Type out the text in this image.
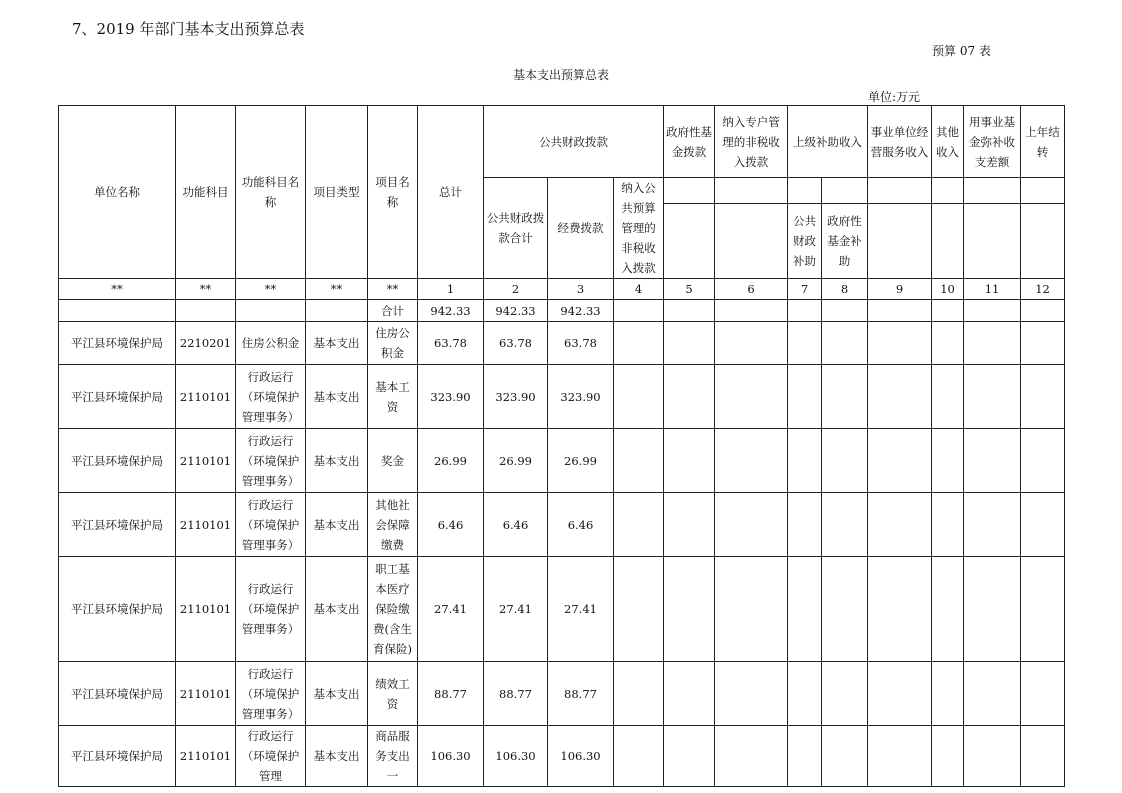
7、2019 年部门基本支出预算总表
预算 07 表
基本支出预算总表
单位:万元
单位名称	功能科目	功能科目名称	项目类型	项目名称	总计	公共财政拨款			政府性基金拨款	纳入专户管理的非税收入拨款	上级补助收入		事业单位经营服务收入	其他收入	用事业基金弥补收支差额	上年结转
						公共财政拨款合计	经费拨款	纳入公共预算管理的非税收入拨款								
											公共财政补助	政府性基金补助				
**	**	**	**	**	1	2	3	4	5	6	7	8	9	10	11	12
				合计	942.33	942.33	942.33									
平江县环境保护局	2210201	住房公积金	基本支出	住房公积金	63.78	63.78	63.78									
平江县环境保护局	2110101	行政运行（环境保护管理事务）	基本支出	基本工资	323.90	323.90	323.90									
平江县环境保护局	2110101	行政运行（环境保护管理事务）	基本支出	奖金	26.99	26.99	26.99									
平江县环境保护局	2110101	行政运行（环境保护管理事务）	基本支出	其他社会保障缴费	6.46	6.46	6.46									
平江县环境保护局	2110101	行政运行（环境保护管理事务）	基本支出	职工基本医疗保险缴费(含生育保险)	27.41	27.41	27.41									
平江县环境保护局	2110101	行政运行（环境保护管理事务）	基本支出	绩效工资	88.77	88.77	88.77									
平江县环境保护局	2110101	行政运行（环境保护管理	基本支出	商品服务支出一	106.30	106.30	106.30									
